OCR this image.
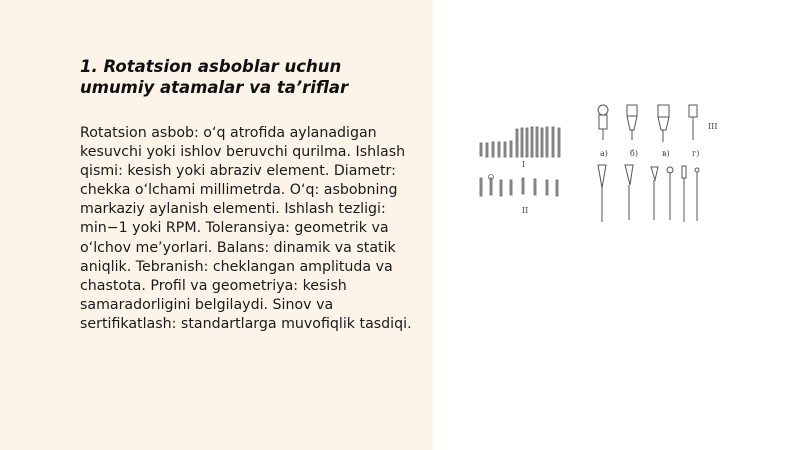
1. Rotatsion asboblar uchun umumiy atamalar va ta’riflar

Rotatsion asbob: o‘q atrofida aylanadigan kesuvchi yoki ishlov beruvchi qurilma. Ishlash qismi: kesish yoki abraziv element. Diametr: chekka o‘lchami millimetrda. O‘q: asbobning markaziy aylanish elementi. Ishlash tezligi: min−1 yoki RPM. Toleransiya: geometrik va o‘lchov me’yorlari. Balans: dinamik va statik aniqlik. Tebranish: cheklangan amplituda va chastota. Profil va geometriya: kesish samaradorligini belgilaydi. Sinov va sertifikatlash: standartlarga muvofiqlik tasdiqi.

I
II
III
a)	б)	в)	г)
